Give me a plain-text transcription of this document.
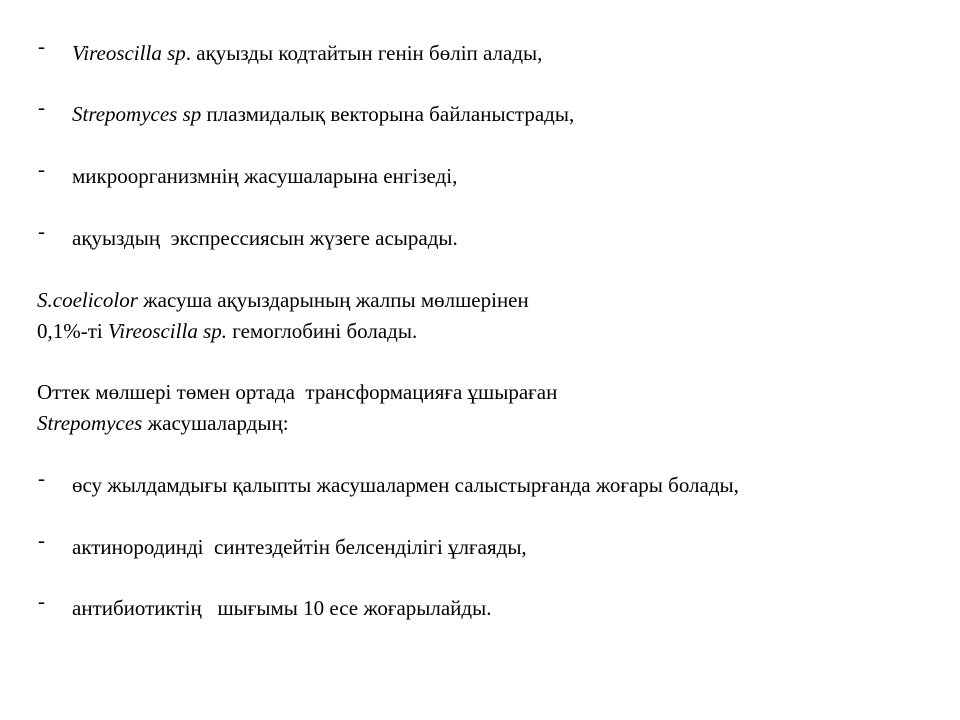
-

Vireoscilla sp. ақуызды кодтайтын генін бөліп алады,

-

Strepomyces sp плазмидалық векторына байланыстрады,

-

микроорганизмнің жасушаларына енгізеді,

-

ақуыздың  экспрессиясын жүзеге асырады.

S.coelicolor жасуша ақуыздарының жалпы мөлшерінен
0,1%-ті Vireoscilla sp. гемоглобині болады.
Оттек мөлшері төмен ортада  трансформацияға ұшыраған
Strepomyces жасушалардың:

-

өсу жылдамдығы қалыпты жасушалармен салыстырғанда жоғары болады,

-

актинородинді  синтездейтін белсенділігі ұлғаяды,

-

антибиотиктің   шығымы 10 есе жоғарылайды.
